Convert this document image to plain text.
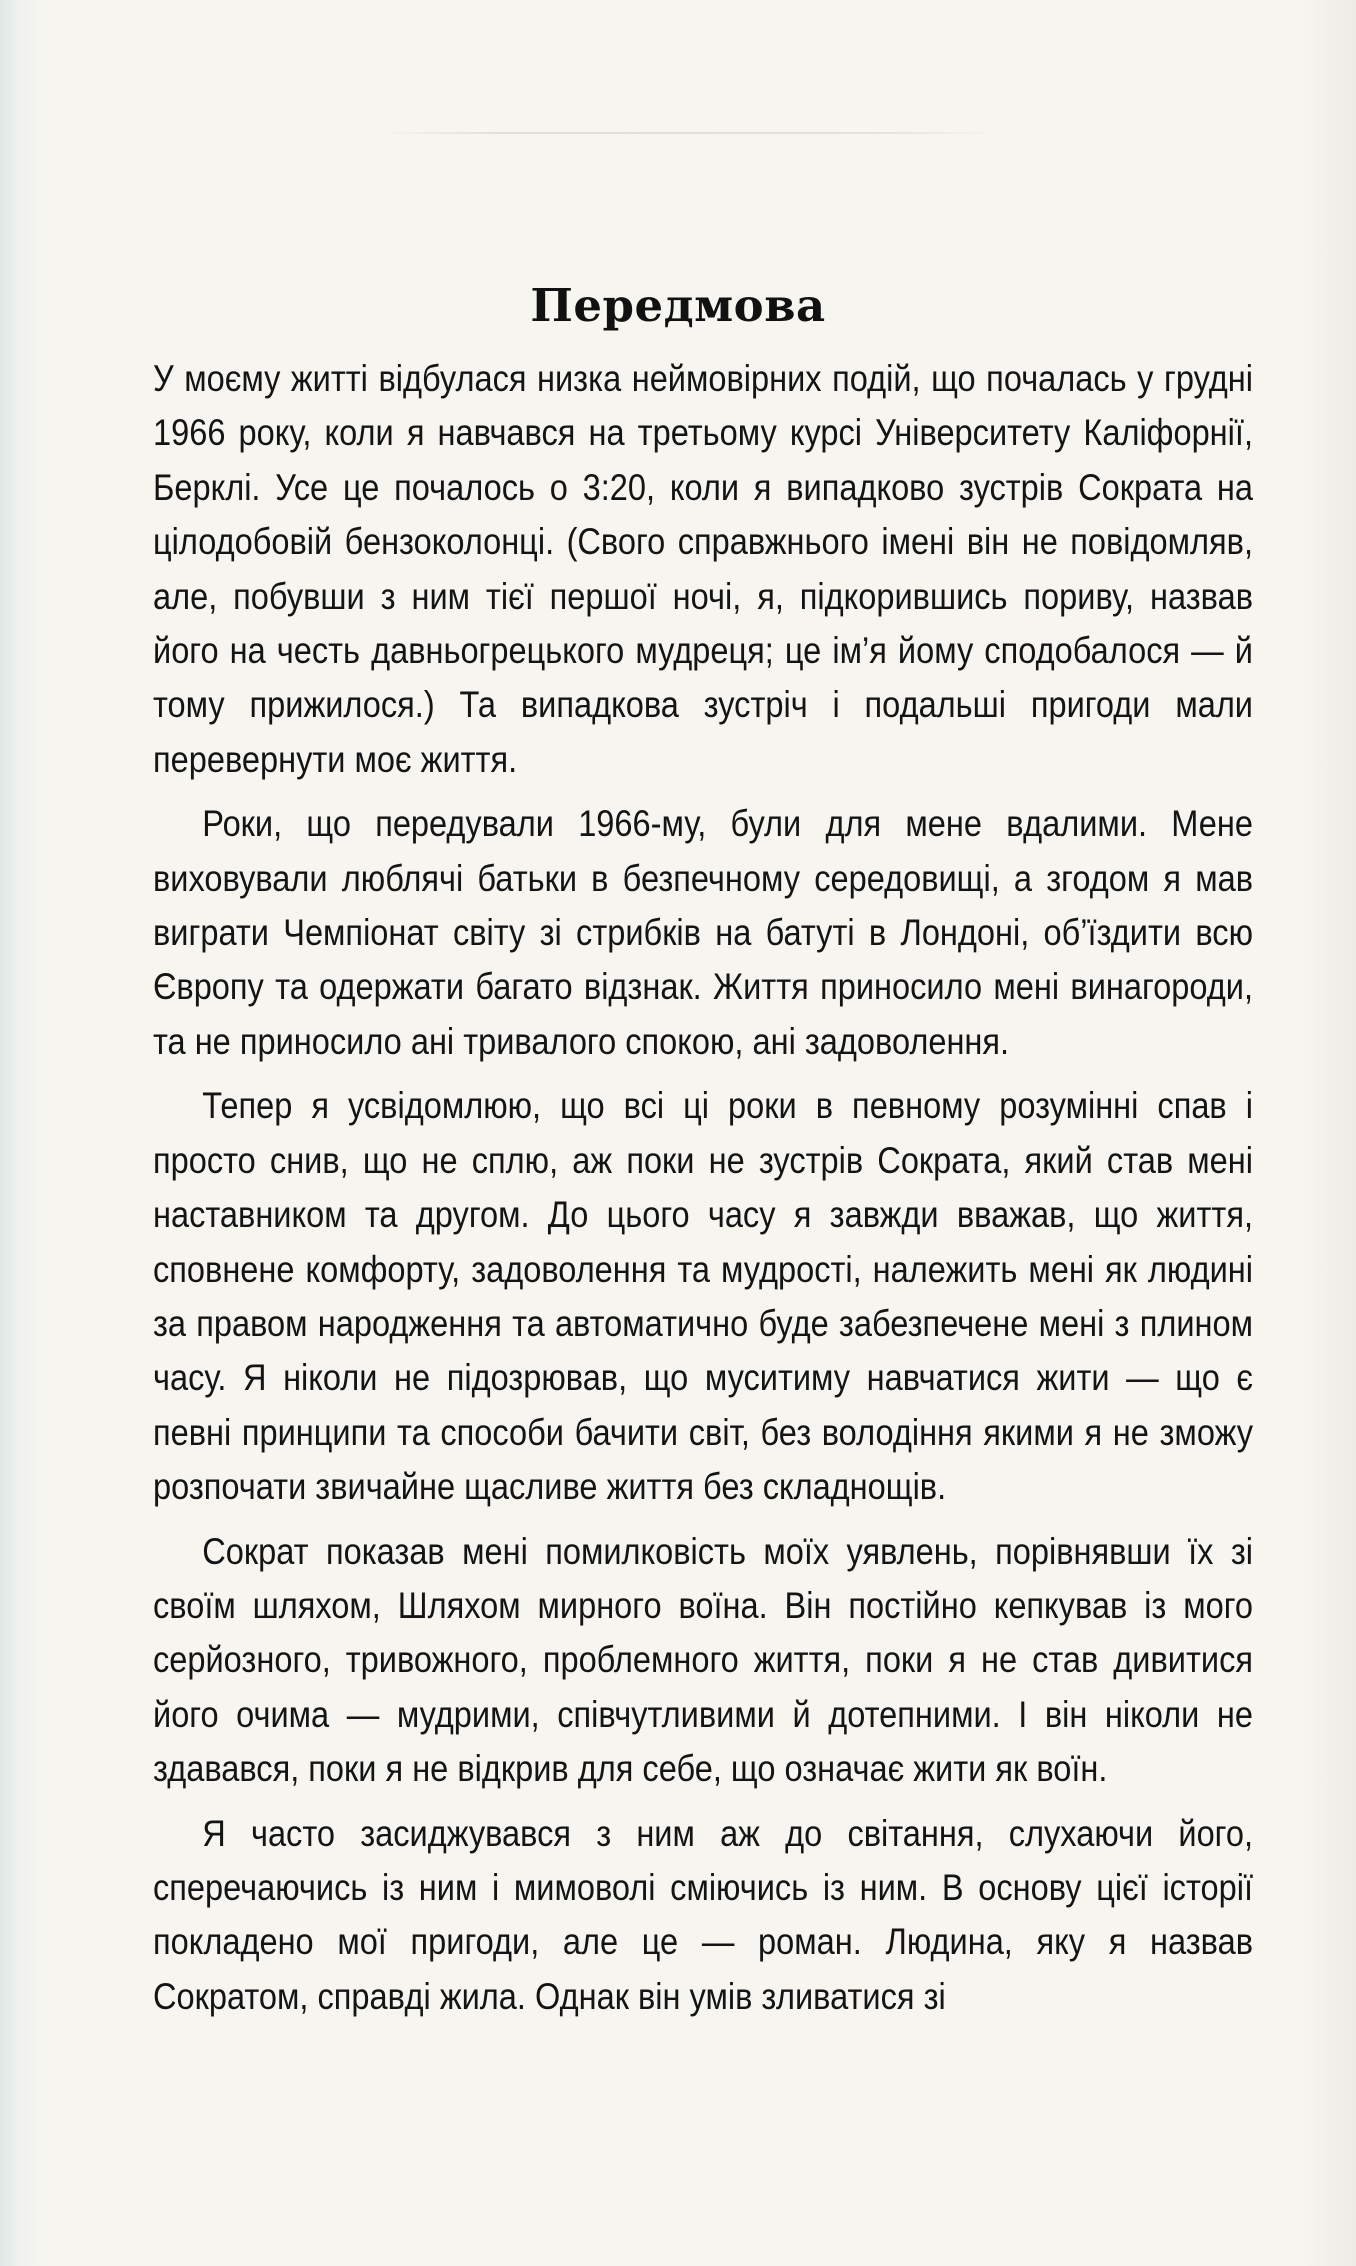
Передмова

У моєму житті відбулася низка неймовірних подій, що почалась у грудні 1966 року, коли я навчався на третьому курсі Університету Каліфорнії, Берклі. Усе це почалось о 3:20, коли я випадково зустрів Сократа на цілодобовій бензоколонці. (Свого справжнього імені він не повідомляв, але, побувши з ним тієї першої ночі, я, підкорившись пориву, назвав його на честь давньогрецького мудреця; це ім’я йому сподобалося — й тому прижилося.) Та випадкова зустріч і подальші пригоди мали перевернути моє життя.

Роки, що передували 1966-му, були для мене вдалими. Мене виховували люблячі батьки в безпечному середовищі, а згодом я мав виграти Чемпіонат світу зі стрибків на батуті в Лондоні, об’їздити всю Європу та одержати багато відзнак. Життя приносило мені винагороди, та не приносило ані тривалого спокою, ані задоволення.

Тепер я усвідомлюю, що всі ці роки в певному розумінні спав і просто снив, що не сплю, аж поки не зустрів Сократа, який став мені наставником та другом. До цього часу я завжди вважав, що життя, сповнене комфорту, задоволення та мудрості, належить мені як людині за правом народження та автоматично буде забезпечене мені з плином часу. Я ніколи не підозрював, що муситиму навчатися жити — що є певні принципи та способи бачити світ, без володіння якими я не зможу розпочати звичайне щасливе життя без складнощів.

Сократ показав мені помилковість моїх уявлень, порівнявши їх зі своїм шляхом, Шляхом мирного воїна. Він постійно кепкував із мого серйозного, тривожного, проблемного життя, поки я не став дивитися його очима — мудрими, співчутливими й дотепними. І він ніколи не здавався, поки я не відкрив для себе, що означає жити як воїн.

Я часто засиджувався з ним аж до світання, слухаючи його, сперечаючись із ним і мимоволі сміючись із ним. В основу цієї історії покладено мої пригоди, але це — роман. Людина, яку я назвав Сократом, справді жила. Однак він умів зливатися зі
